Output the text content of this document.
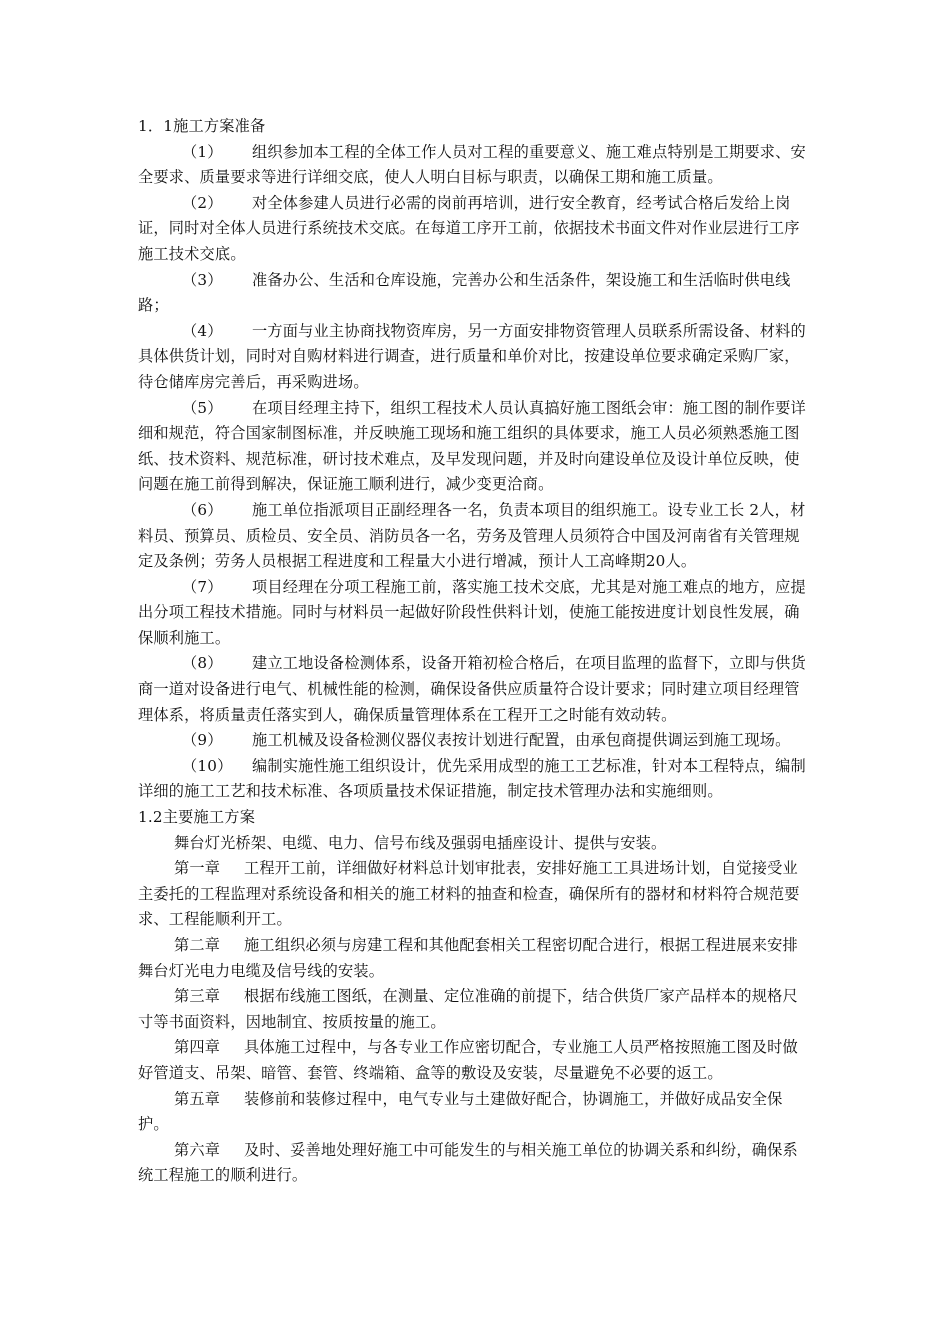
1．1施工方案准备

（1） 组织参加本工程的全体工作人员对工程的重要意义、施工难点特别是工期要求、安全要求、质量要求等进行详细交底，使人人明白目标与职责，以确保工期和施工质量。

（2） 对全体参建人员进行必需的岗前再培训，进行安全教育，经考试合格后发给上岗证，同时对全体人员进行系统技术交底。在每道工序开工前，依据技术书面文件对作业层进行工序施工技术交底。

（3） 准备办公、生活和仓库设施，完善办公和生活条件，架设施工和生活临时供电线路；

（4） 一方面与业主协商找物资库房，另一方面安排物资管理人员联系所需设备、材料的具体供货计划，同时对自购材料进行调查，进行质量和单价对比，按建设单位要求确定采购厂家，待仓储库房完善后，再采购进场。

（5） 在项目经理主持下，组织工程技术人员认真搞好施工图纸会审：施工图的制作要详细和规范，符合国家制图标准，并反映施工现场和施工组织的具体要求，施工人员必须熟悉施工图纸、技术资料、规范标准，研讨技术难点，及早发现问题，并及时向建设单位及设计单位反映，使问题在施工前得到解决，保证施工顺利进行，减少变更洽商。

（6） 施工单位指派项目正副经理各一名，负责本项目的组织施工。设专业工长 2人，材料员、预算员、质检员、安全员、消防员各一名，劳务及管理人员须符合中国及河南省有关管理规定及条例；劳务人员根据工程进度和工程量大小进行增减，预计人工高峰期20人。

（7） 项目经理在分项工程施工前，落实施工技术交底，尤其是对施工难点的地方，应提出分项工程技术措施。同时与材料员一起做好阶段性供料计划，使施工能按进度计划良性发展，确保顺利施工。

（8） 建立工地设备检测体系，设备开箱初检合格后，在项目监理的监督下，立即与供货商一道对设备进行电气、机械性能的检测，确保设备供应质量符合设计要求；同时建立项目经理管理体系，将质量责任落实到人，确保质量管理体系在工程开工之时能有效动转。

（9） 施工机械及设备检测仪器仪表按计划进行配置，由承包商提供调运到施工现场。

（10） 编制实施性施工组织设计，优先采用成型的施工工艺标准，针对本工程特点，编制详细的施工工艺和技术标准、各项质量技术保证措施，制定技术管理办法和实施细则。

1.2主要施工方案

舞台灯光桥架、电缆、电力、信号布线及强弱电插座设计、提供与安装。

第一章 工程开工前，详细做好材料总计划审批表，安排好施工工具进场计划，自觉接受业主委托的工程监理对系统设备和相关的施工材料的抽查和检查，确保所有的器材和材料符合规范要求、工程能顺利开工。

第二章 施工组织必须与房建工程和其他配套相关工程密切配合进行，根据工程进展来安排舞台灯光电力电缆及信号线的安装。

第三章 根据布线施工图纸，在测量、定位准确的前提下，结合供货厂家产品样本的规格尺寸等书面资料，因地制宜、按质按量的施工。

第四章 具体施工过程中，与各专业工作应密切配合，专业施工人员严格按照施工图及时做好管道支、吊架、暗管、套管、终端箱、盒等的敷设及安装，尽量避免不必要的返工。

第五章 装修前和装修过程中，电气专业与土建做好配合，协调施工，并做好成品安全保护。

第六章 及时、妥善地处理好施工中可能发生的与相关施工单位的协调关系和纠纷，确保系统工程施工的顺利进行。
